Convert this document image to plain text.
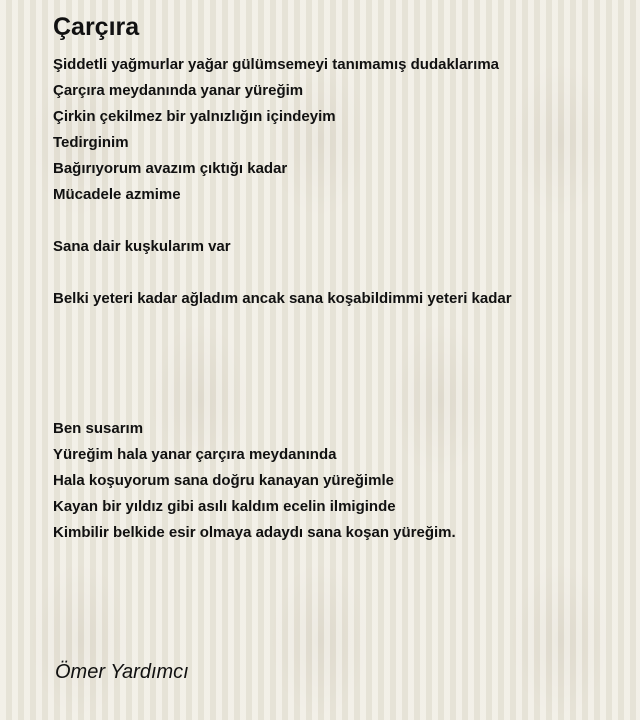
Çarçıra
Şiddetli yağmurlar yağar gülümsemeyi tanımamış dudaklarıma
Çarçıra meydanında yanar yüreğim
Çirkin çekilmez bir yalnızlığın içindeyim
Tedirginim
Bağırıyorum avazım çıktığı kadar
Mücadele azmime
Sana dair kuşkularım var
Belki yeteri kadar ağladım ancak sana koşabildimmi yeteri kadar
Ben susarım
Yüreğim hala yanar çarçıra meydanında
Hala koşuyorum sana doğru kanayan yüreğimle
Kayan bir yıldız gibi asılı kaldım ecelin ilmiginde
Kimbilir belkide esir olmaya adaydı sana koşan yüreğim.
Ömer Yardımcı
